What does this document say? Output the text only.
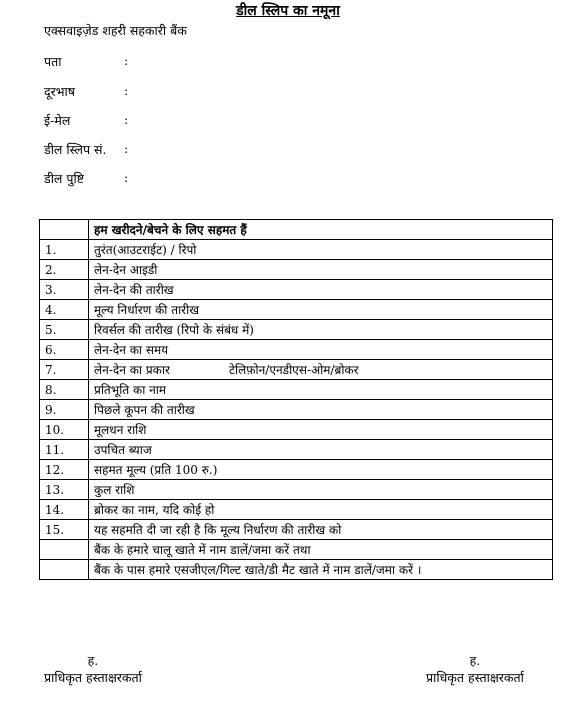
डील स्लिप का नमूना
एक्सवाइज़ेड शहरी सहकारी बैंक
पता	:
दूरभाष	:
ई-मेल	:
डील स्लिप सं. :
डील पुष्टि	:
	हम खरीदने/बेचने के लिए सहमत हैं
1.	तुरंत(आउटराईट) / रिपो
2.	लेन-देन आइडी
3.	लेन-देन की तारीख
4.	मूल्य निर्धारण की तारीख
5.	रिवर्सल की तारीख (रिपो के संबंध में)
6.	लेन-देन का समय
7.	लेन-देन का प्रकार टेलिफ़ोन/एनडीएस-ओम/ब्रोकर

8.	प्रतिभूति का नाम
9.	पिछले कूपन की तारीख
10.	मूलधन राशि
11.	उपचित ब्याज
12.	सहमत मूल्य (प्रति 100 रु.)
13.	कुल राशि
14.	ब्रोकर का नाम, यदि कोई हो
15.	यह सहमति दी जा रही है कि मूल्य निर्धारण की तारीख को
	बैंक के हमारे चालू खाते में नाम डालें/जमा करें तथा
	बैंक के पास हमारे एसजीएल/गिल्ट खाते/डी मैट खाते में नाम डालें/जमा करें ।
ह.
प्राधिकृत हस्ताक्षरकर्ता
ह.
प्राधिकृत हस्ताक्षरकर्ता
